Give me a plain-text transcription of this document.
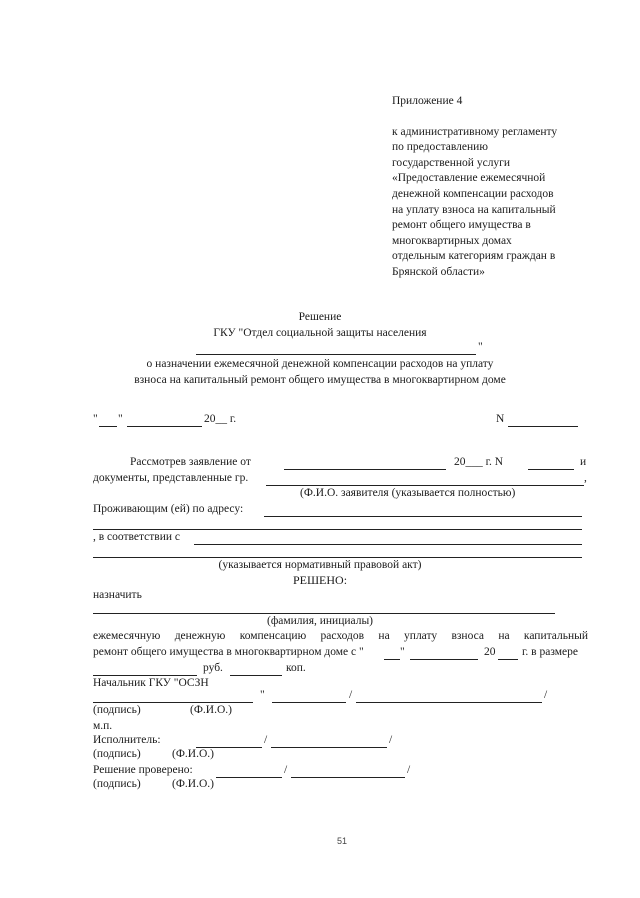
Приложение 4
к административному регламенту
по предоставлению
государственной услуги
«Предоставление ежемесячной
денежной компенсации расходов
на уплату взноса на капитальный
ремонт общего имущества в
многоквартирных домах
отдельным категориям граждан в
Брянской области»
Решение
ГКУ "Отдел социальной защиты населения
"
о назначении ежемесячной денежной компенсации расходов на уплату
взноса на капитальный ремонт общего имущества в многоквартирном доме
" "	20__ г.	N
Рассмотрев заявление от	20___ г. N	и
документы, представленные гр.	,
(Ф.И.О. заявителя (указывается полностью)
Проживающим (ей) по адресу:
, в соответствии с
(указывается нормативный правовой акт)
РЕШЕНО:
назначить
(фамилия, инициалы)
ежемесячную денежную компенсацию расходов на уплату взноса на капитальный
ремонт общего имущества в многоквартирном доме с "	"	20 г. в размере
руб.	коп.
Начальник ГКУ "ОСЗН
"	/	/
(подпись)	(Ф.И.О.)
м.п.
Исполнитель:	/	/
(подпись)	(Ф.И.О.)
Решение проверено:	/	/
(подпись)	(Ф.И.О.)
51
